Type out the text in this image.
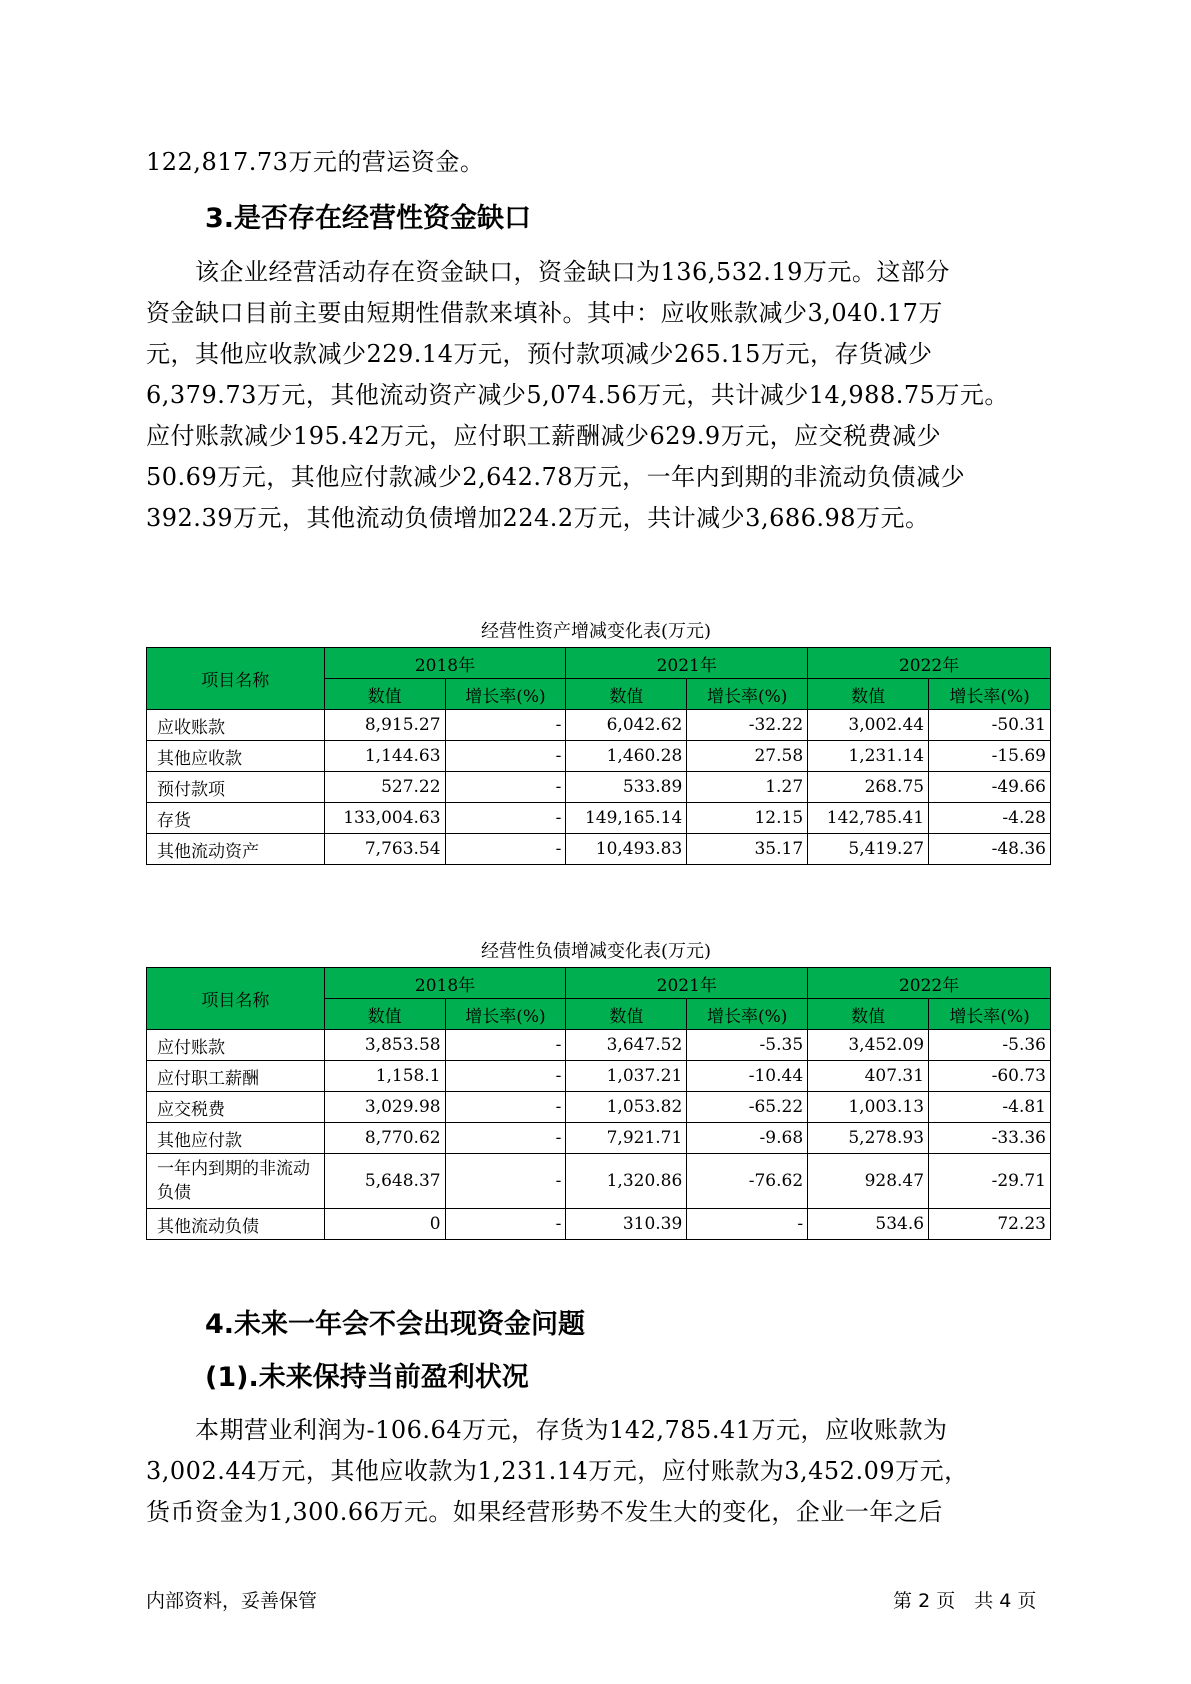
122,817.73万元的营运资金。

3.是否存在经营性资金缺口
　　该企业经营活动存在资金缺口，资金缺口为136,532.19万元。这部分
资金缺口目前主要由短期性借款来填补。其中：应收账款减少3,040.17万
元，其他应收款减少229.14万元，预付款项减少265.15万元，存货减少
6,379.73万元，其他流动资产减少5,074.56万元，共计减少14,988.75万元。
应付账款减少195.42万元，应付职工薪酬减少629.9万元，应交税费减少
50.69万元，其他应付款减少2,642.78万元，一年内到期的非流动负债减少
392.39万元，其他流动负债增加224.2万元，共计减少3,686.98万元。
经营性资产增减变化表(万元)
项目名称	2018年		2021年		2022年	
	数值	增长率(%)	数值	增长率(%)	数值	增长率(%)
应收账款	8,915.27	-	6,042.62	-32.22	3,002.44	-50.31
其他应收款	1,144.63	-	1,460.28	27.58	1,231.14	-15.69
预付款项	527.22	-	533.89	1.27	268.75	-49.66
存货	133,004.63	-	149,165.14	12.15	142,785.41	-4.28
其他流动资产	7,763.54	-	10,493.83	35.17	5,419.27	-48.36
经营性负债增减变化表(万元)
项目名称	2018年		2021年		2022年	
	数值	增长率(%)	数值	增长率(%)	数值	增长率(%)
应付账款	3,853.58	-	3,647.52	-5.35	3,452.09	-5.36
应付职工薪酬	1,158.1	-	1,037.21	-10.44	407.31	-60.73
应交税费	3,029.98	-	1,053.82	-65.22	1,003.13	-4.81
其他应付款	8,770.62	-	7,921.71	-9.68	5,278.93	-33.36
一年内到期的非流动负债	5,648.37	-	1,320.86	-76.62	928.47	-29.71
其他流动负债	0	-	310.39	-	534.6	72.23
4.未来一年会不会出现资金问题
(1).未来保持当前盈利状况
　　本期营业利润为-106.64万元，存货为142,785.41万元，应收账款为
3,002.44万元，其他应收款为1,231.14万元，应付账款为3,452.09万元，
货币资金为1,300.66万元。如果经营形势不发生大的变化，企业一年之后
内部资料，妥善保管	第 2 页　共 4 页
